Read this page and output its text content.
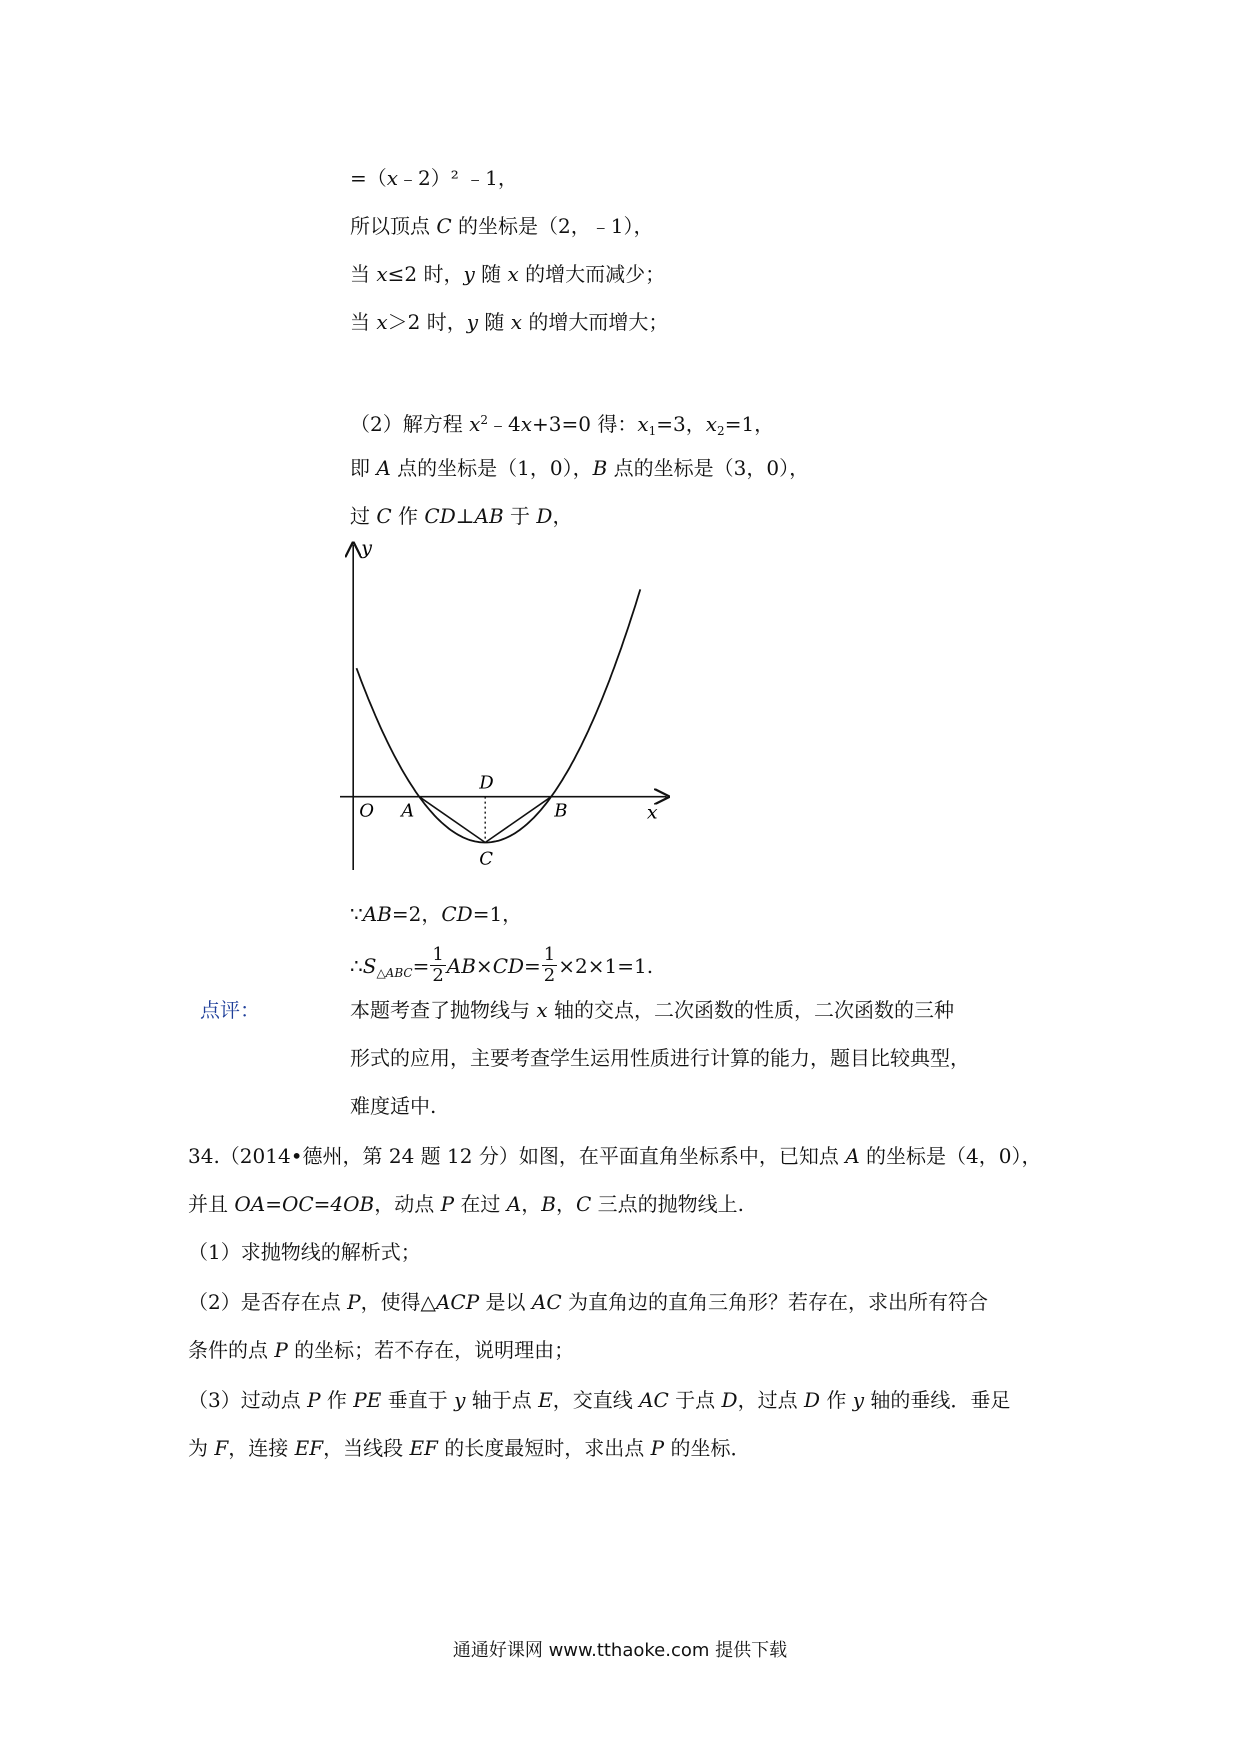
=（x﹣2）² ﹣1，
所以顶点 C 的坐标是（2，﹣1），
当 x≤2 时，y 随 x 的增大而减少；
当 x＞2 时，y 随 x 的增大而增大；
（2）解方程 $x^2﹣4x+3=0$ 得：$x_1=3$，$x_2=1$，
即 A 点的坐标是（1，0），B 点的坐标是（3，0），
过 C 作 CD⊥AB 于 D，
y
x
O A	B
C
D
∵AB=2，CD=1，
$\therefore S_{\triangle ABC}= \frac{1}{2} AB\times CD= \frac{1}{2} \times 2\times 1=1$.
点评：	本题考查了抛物线与 x 轴的交点，二次函数的性质，二次函数的三种
形式的应用，主要考查学生运用性质进行计算的能力，题目比较典型，
难度适中.
34.（2014•德州，第 24 题 12 分）如图，在平面直角坐标系中，已知点 A 的坐标是（4，0），
并且 OA=OC=4OB，动点 P 在过 A，B，C 三点的抛物线上.
（1）求抛物线的解析式；
（2）是否存在点 P，使得△ACP 是以 AC 为直角边的直角三角形？若存在，求出所有符合
条件的点 P 的坐标；若不存在，说明理由；
（3）过动点 P 作 PE 垂直于 y 轴于点 E，交直线 AC 于点 D，过点 D 作 y 轴的垂线．垂足
为 F，连接 EF，当线段 EF 的长度最短时，求出点 P 的坐标．
通通好课网 www.tthaoke.com 提供下载
